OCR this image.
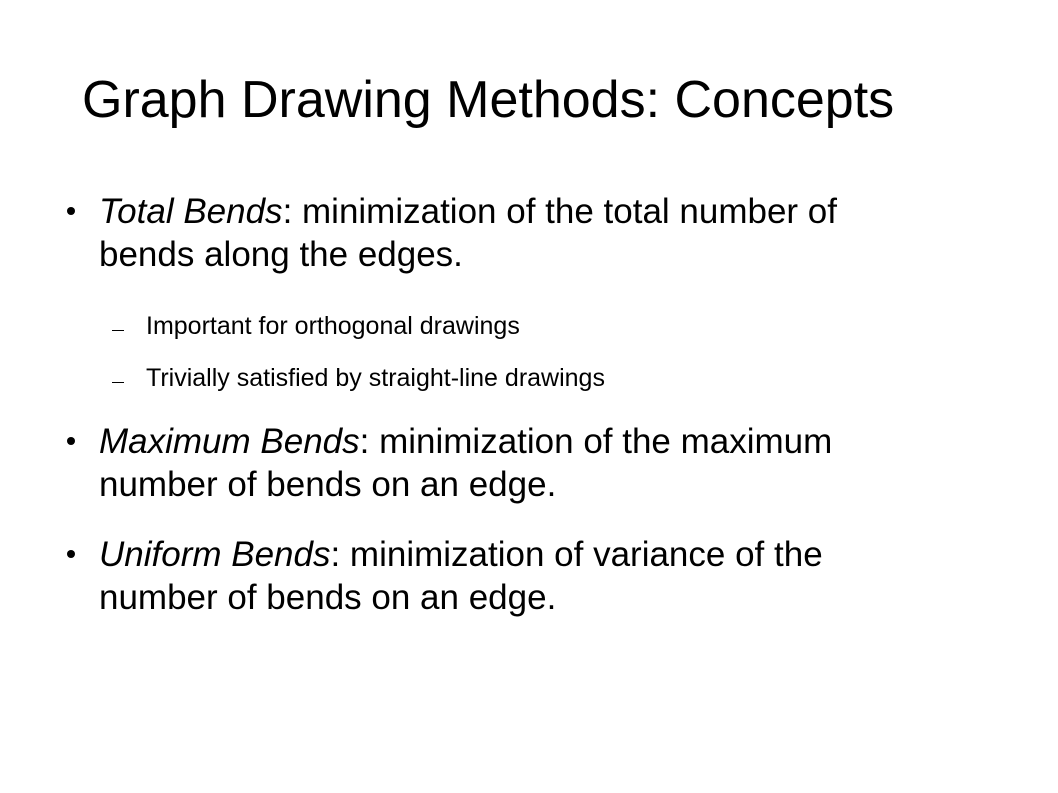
Graph Drawing Methods: Concepts
Total Bends: minimization of the total number of
bends along the edges.
Important for orthogonal drawings
Trivially satisfied by straight-line drawings
Maximum Bends: minimization of the maximum
number of bends on an edge.
Uniform Bends: minimization of variance of the
number of bends on an edge.
